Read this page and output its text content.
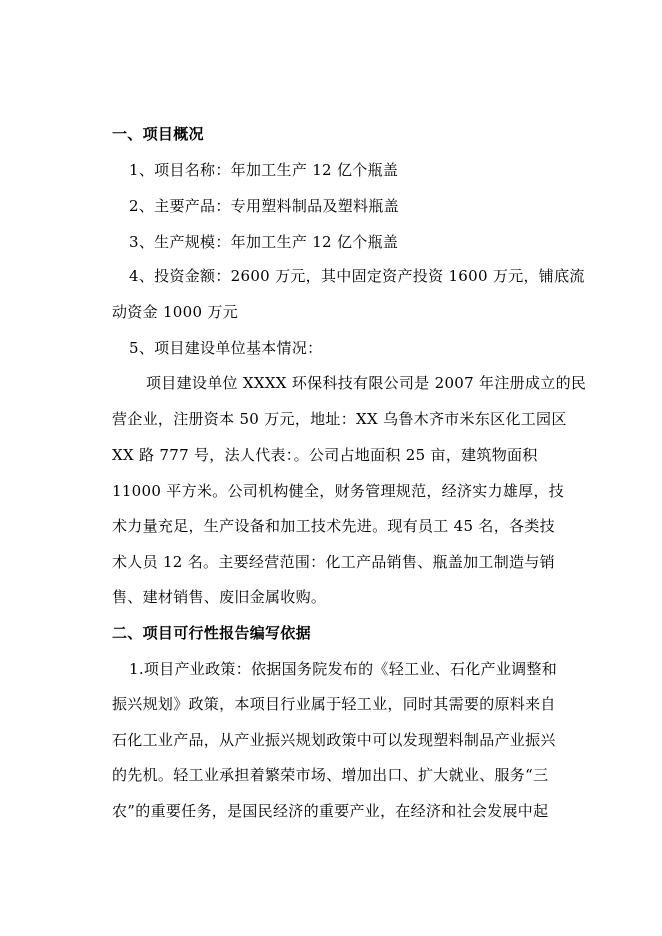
一、项目概况
1、项目名称：年加工生产 12 亿个瓶盖
2、主要产品：专用塑料制品及塑料瓶盖
3、生产规模：年加工生产 12 亿个瓶盖
4、投资金额：2600 万元，其中固定资产投资 1600 万元，铺底流
动资金 1000 万元
5、项目建设单位基本情况：
项目建设单位 XXXX 环保科技有限公司是 2007 年注册成立的民
营企业，注册资本 50 万元，地址：XX 乌鲁木齐市米东区化工园区
XX 路 777 号，法人代表：。公司占地面积 25 亩，建筑物面积
11000 平方米。公司机构健全，财务管理规范，经济实力雄厚，技
术力量充足，生产设备和加工技术先进。现有员工 45 名，各类技
术人员 12 名。主要经营范围：化工产品销售、瓶盖加工制造与销
售、建材销售、废旧金属收购。
二、项目可行性报告编写依据
1.项目产业政策：依据国务院发布的《轻工业、石化产业调整和
振兴规划》政策，本项目行业属于轻工业，同时其需要的原料来自
石化工业产品，从产业振兴规划政策中可以发现塑料制品产业振兴
的先机。轻工业承担着繁荣市场、增加出口、扩大就业、服务“三
农”的重要任务，是国民经济的重要产业，在经济和社会发展中起
